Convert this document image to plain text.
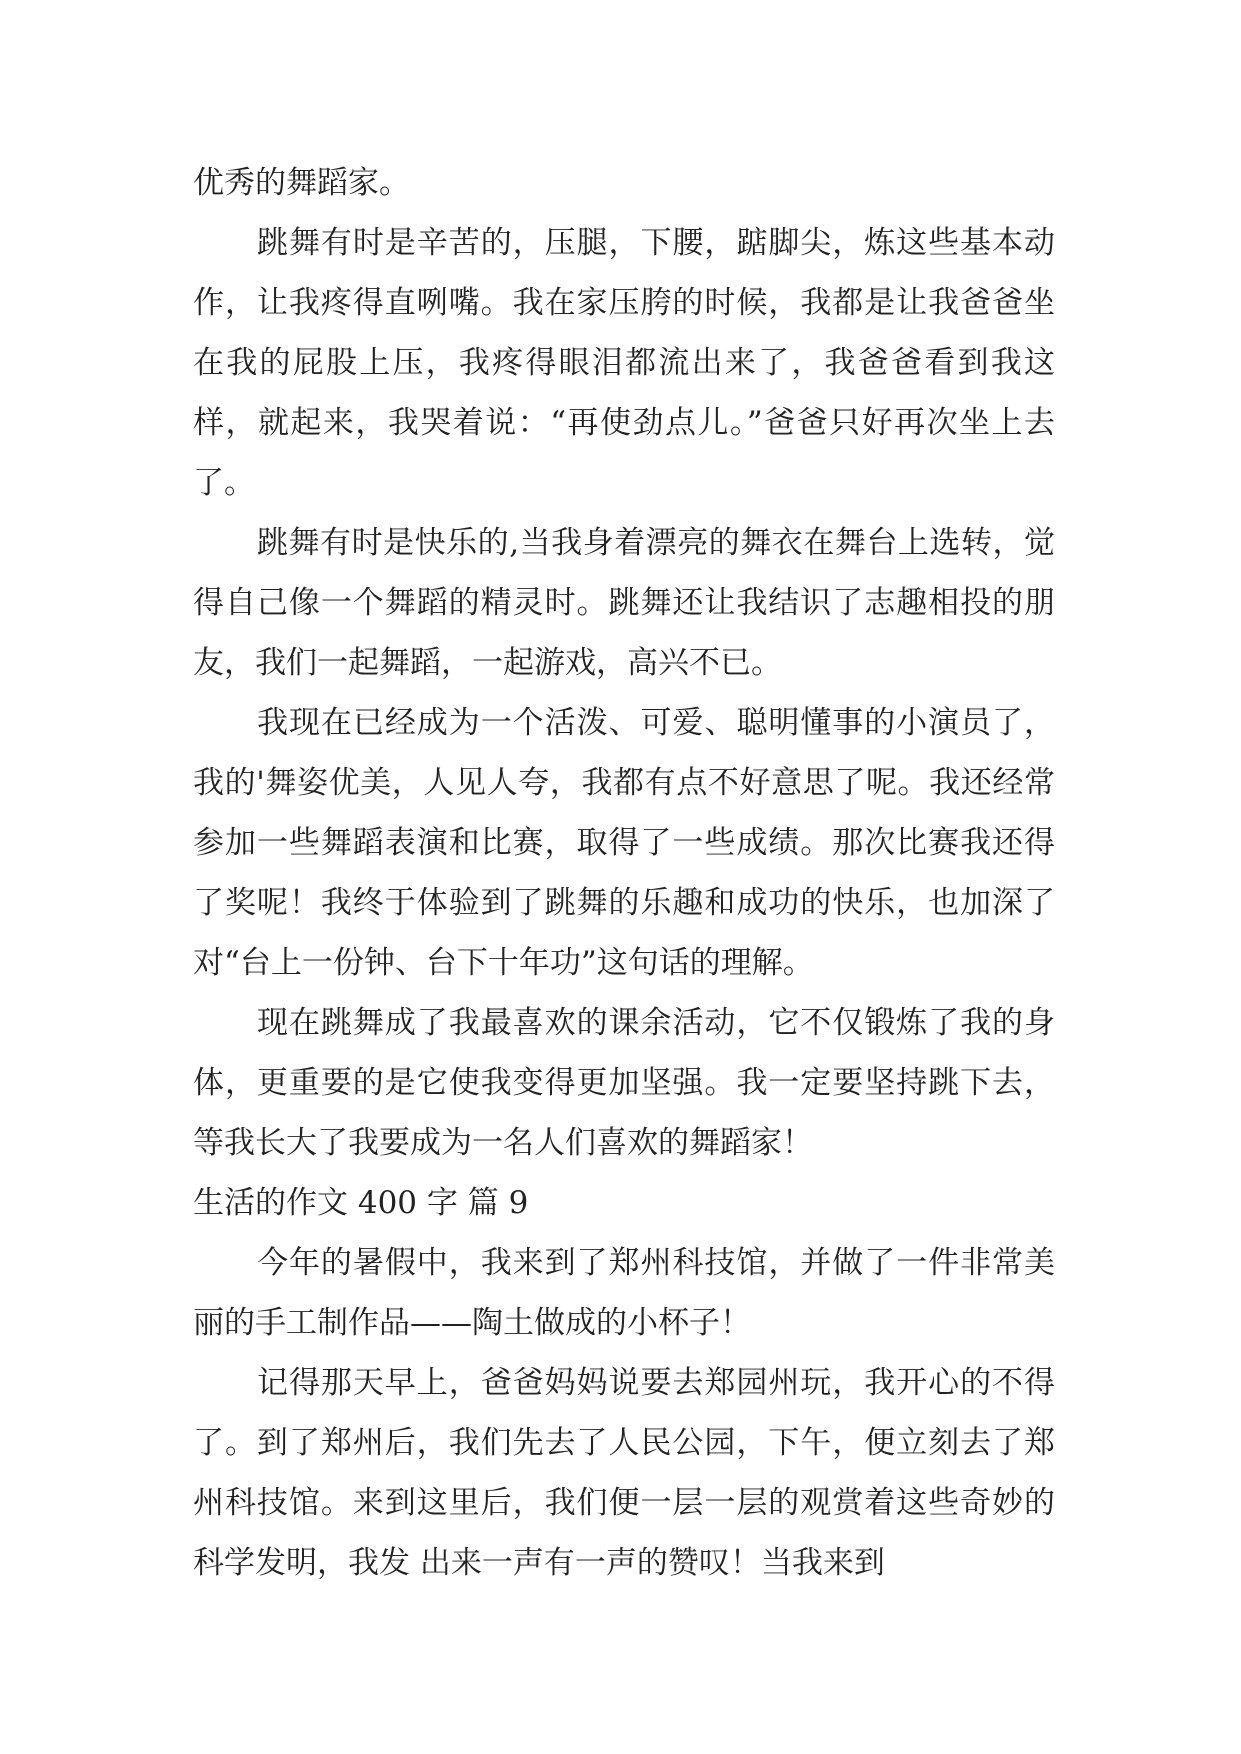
优秀的舞蹈家。

跳舞有时是辛苦的，压腿，下腰，踮脚尖，炼这些基本动作，让我疼得直咧嘴。我在家压胯的时候，我都是让我爸爸坐在我的屁股上压，我疼得眼泪都流出来了，我爸爸看到我这样，就起来，我哭着说：“再使劲点儿。”爸爸只好再次坐上去了。

跳舞有时是快乐的,当我身着漂亮的舞衣在舞台上选转，觉得自己像一个舞蹈的精灵时。跳舞还让我结识了志趣相投的朋友，我们一起舞蹈，一起游戏，高兴不已。

我现在已经成为一个活泼、可爱、聪明懂事的小演员了，我的'舞姿优美，人见人夸，我都有点不好意思了呢。我还经常参加一些舞蹈表演和比赛，取得了一些成绩。那次比赛我还得了奖呢！我终于体验到了跳舞的乐趣和成功的快乐，也加深了对“台上一份钟、台下十年功”这句话的理解。

现在跳舞成了我最喜欢的课余活动，它不仅锻炼了我的身体，更重要的是它使我变得更加坚强。我一定要坚持跳下去，等我长大了我要成为一名人们喜欢的舞蹈家！

生活的作文 400 字 篇 9

今年的暑假中，我来到了郑州科技馆，并做了一件非常美丽的手工制作品——陶土做成的小杯子！

记得那天早上，爸爸妈妈说要去郑园州玩，我开心的不得了。到了郑州后，我们先去了人民公园，下午，便立刻去了郑州科技馆。来到这里后，我们便一层一层的观赏着这些奇妙的科学发明，我发 出来一声有一声的赞叹！当我来到
